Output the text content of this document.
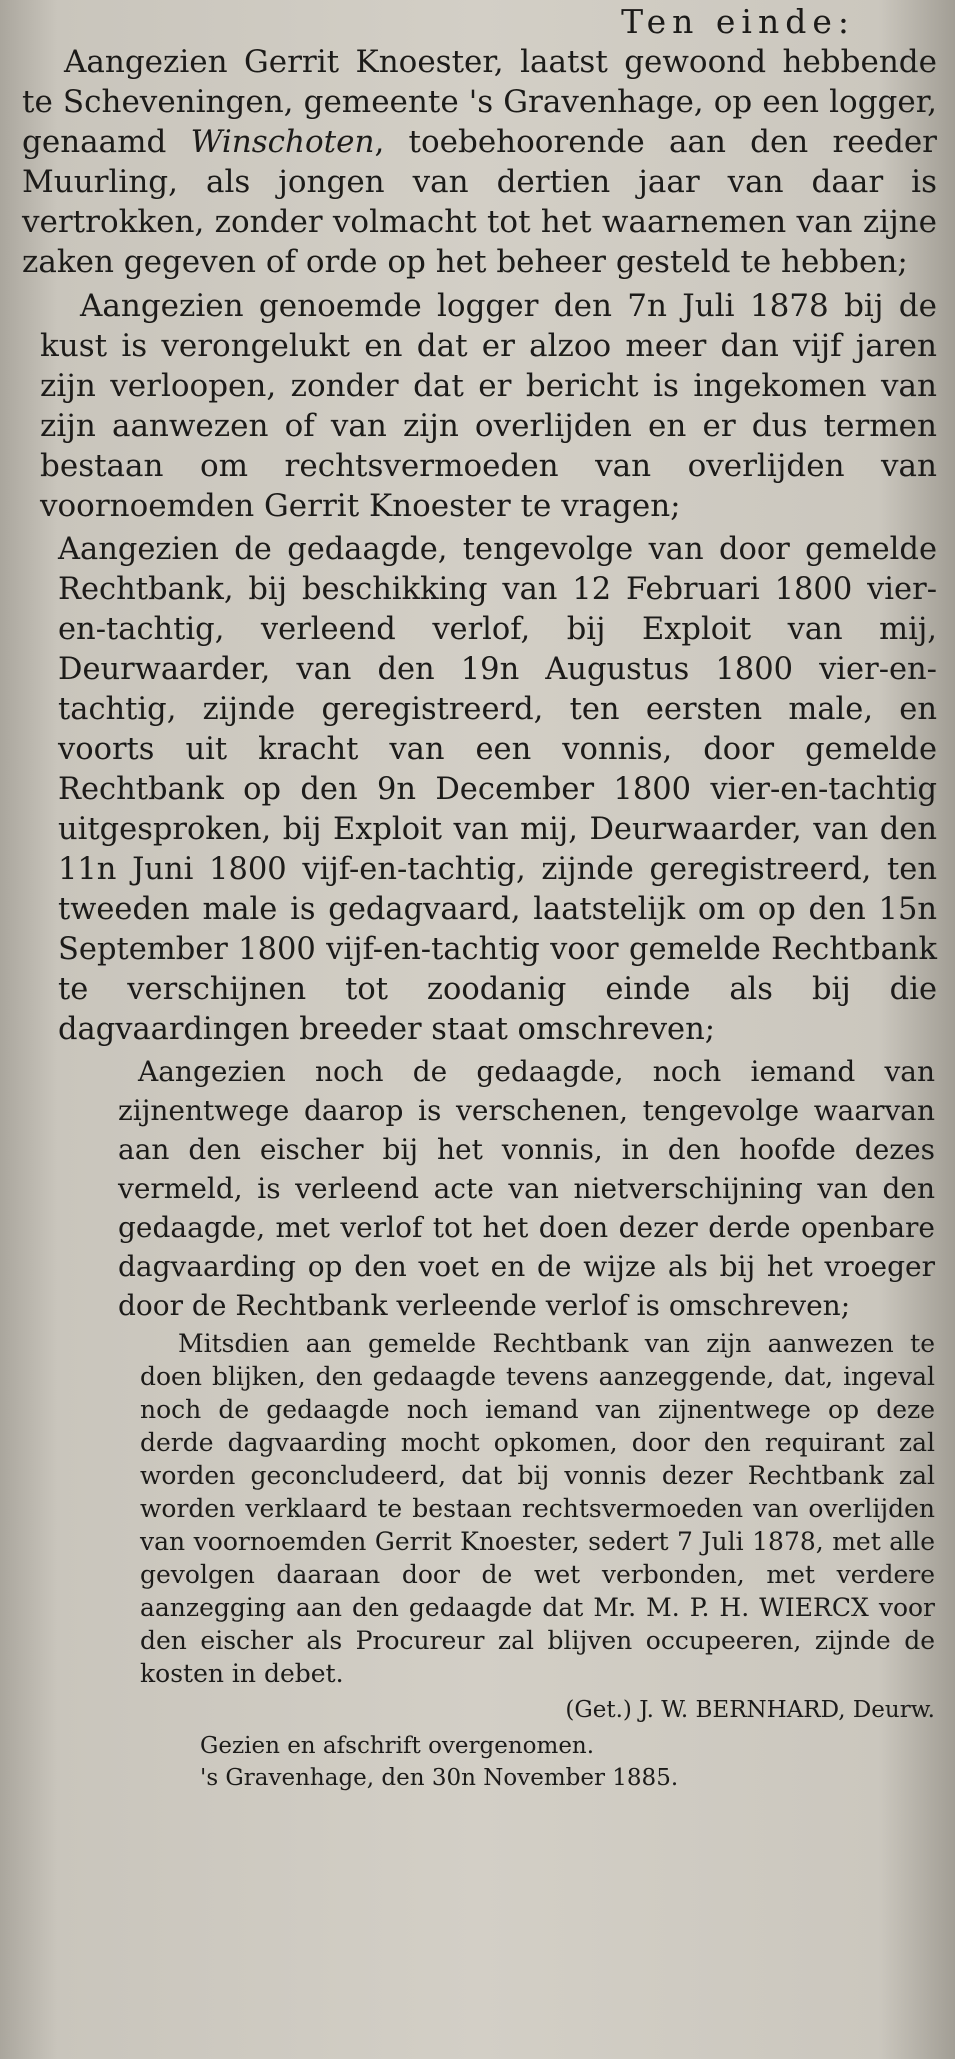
Ten einde:
Aangezien Gerrit Knoester, laatst gewoond hebbende te Scheveningen, gemeente 's Gravenhage, op een logger, genaamd Winschoten, toebehoorende aan den reeder Muurling, als jongen van dertien jaar van daar is vertrokken, zonder volmacht tot het waarnemen van zijne zaken gegeven of orde op het beheer gesteld te hebben;
Aangezien genoemde logger den 7n Juli 1878 bij de kust is verongelukt en dat er alzoo meer dan vijf jaren zijn verloopen, zonder dat er bericht is ingekomen van zijn aanwezen of van zijn overlijden en er dus termen bestaan om rechtsvermoeden van overlijden van voornoemden Gerrit Knoester te vragen;
Aangezien de gedaagde, tengevolge van door gemelde Rechtbank, bij beschikking van 12 Februari 1800 vier-en-tachtig, verleend verlof, bij Exploit van mij, Deurwaarder, van den 19n Augustus 1800 vier-en-tachtig, zijnde geregistreerd, ten eersten male, en voorts uit kracht van een vonnis, door gemelde Rechtbank op den 9n December 1800 vier-en-tachtig uitgesproken, bij Exploit van mij, Deurwaarder, van den 11n Juni 1800 vijf-en-tachtig, zijnde geregistreerd, ten tweeden male is gedagvaard, laatstelijk om op den 15n September 1800 vijf-en-tachtig voor gemelde Rechtbank te verschijnen tot zoodanig einde als bij die dagvaardingen breeder staat omschreven;
Aangezien noch de gedaagde, noch iemand van zijnentwege daarop is verschenen, tengevolge waarvan aan den eischer bij het vonnis, in den hoofde dezes vermeld, is verleend acte van nietverschijning van den gedaagde, met verlof tot het doen dezer derde openbare dagvaarding op den voet en de wijze als bij het vroeger door de Rechtbank verleende verlof is omschreven;
Mitsdien aan gemelde Rechtbank van zijn aanwezen te doen blijken, den gedaagde tevens aanzeggende, dat, ingeval noch de gedaagde noch iemand van zijnentwege op deze derde dagvaarding mocht opkomen, door den requirant zal worden geconcludeerd, dat bij vonnis dezer Rechtbank zal worden verklaard te bestaan rechtsvermoeden van overlijden van voornoemden Gerrit Knoester, sedert 7 Juli 1878, met alle gevolgen daaraan door de wet verbonden, met verdere aanzegging aan den gedaagde dat Mr. M. P. H. WIERCX voor den eischer als Procureur zal blijven occupeeren, zijnde de kosten in debet.
(Get.) J. W. BERNHARD, Deurw.
Gezien en afschrift overgenomen.
's Gravenhage, den 30n November 1885.
